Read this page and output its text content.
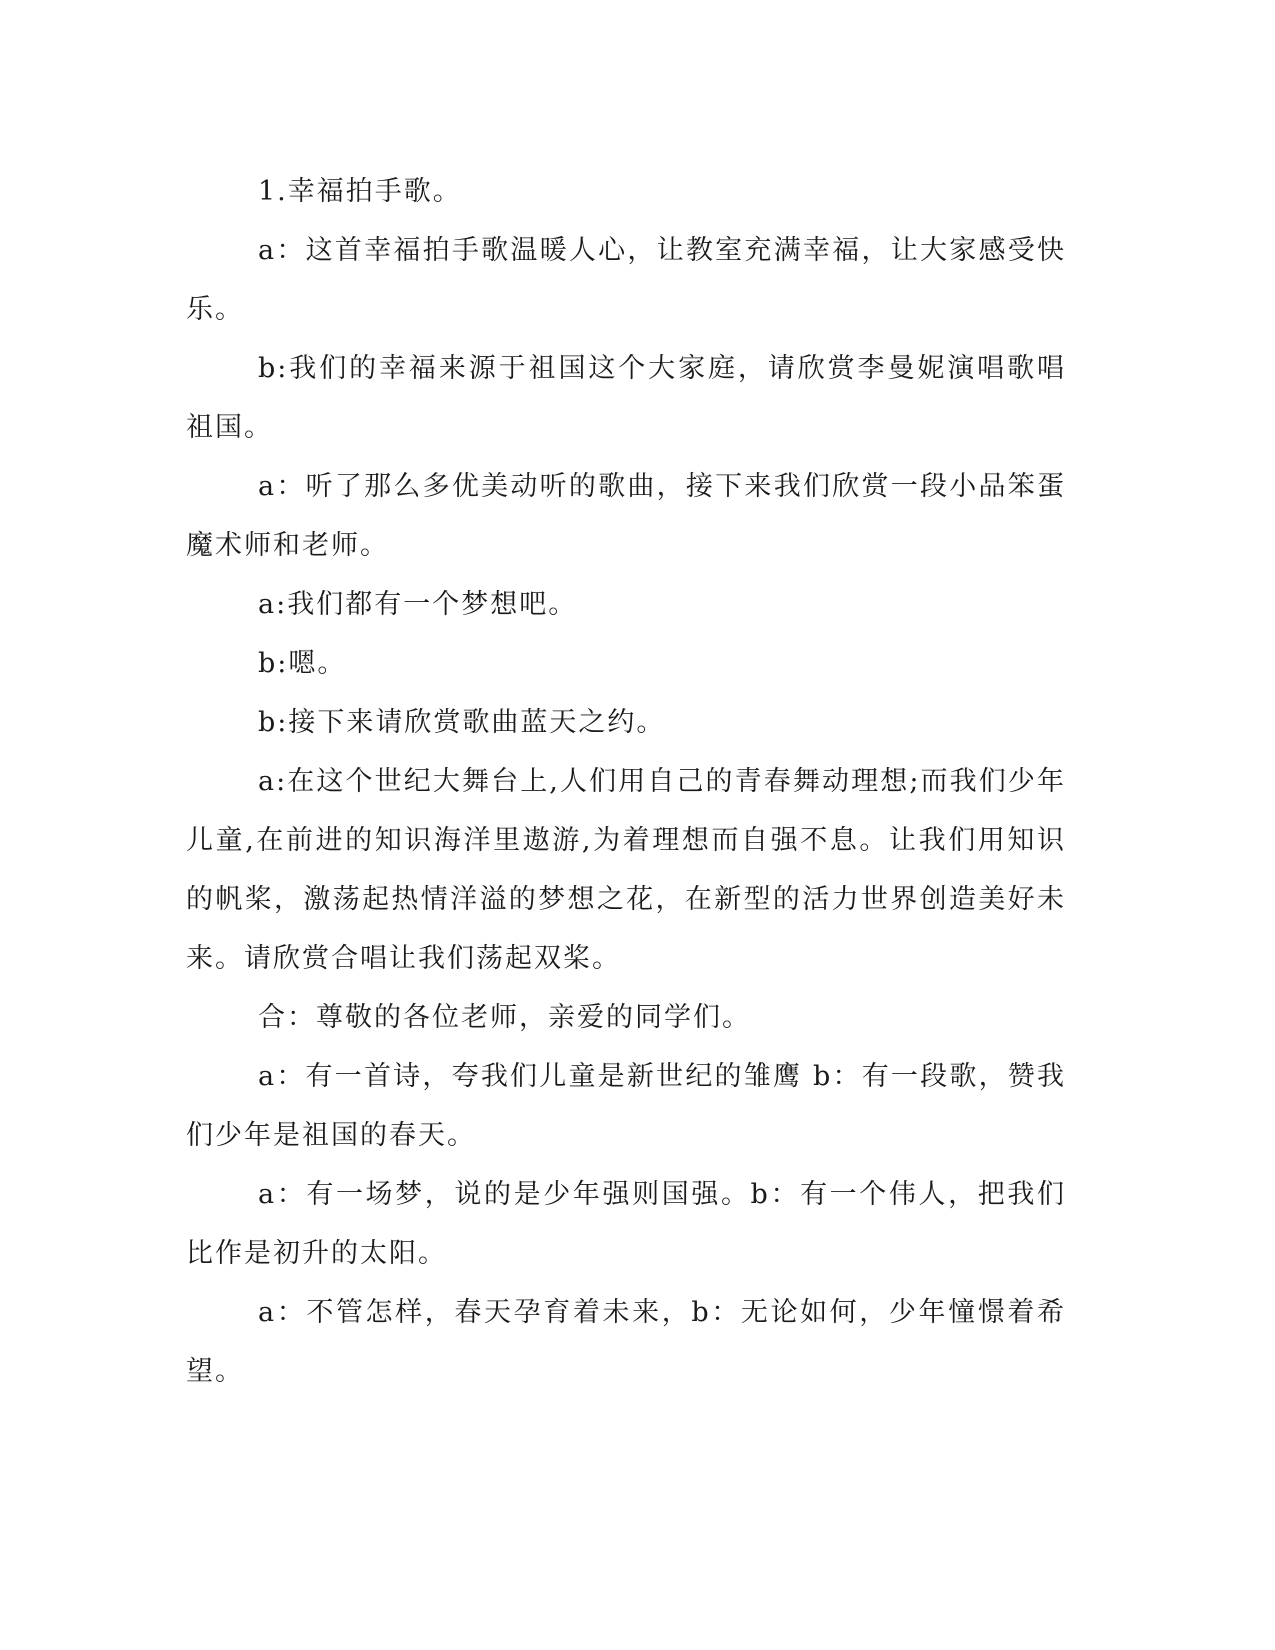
1.幸福拍手歌。

a：这首幸福拍手歌温暖人心，让教室充满幸福，让大家感受快乐。

b:我们的幸福来源于祖国这个大家庭，请欣赏李曼妮演唱歌唱祖国。

a：听了那么多优美动听的歌曲，接下来我们欣赏一段小品笨蛋魔术师和老师。

a:我们都有一个梦想吧。

b:嗯。

b:接下来请欣赏歌曲蓝天之约。

a:在这个世纪大舞台上,人们用自己的青春舞动理想;而我们少年儿童,在前进的知识海洋里遨游,为着理想而自强不息。让我们用知识的帆桨，激荡起热情洋溢的梦想之花，在新型的活力世界创造美好未来。请欣赏合唱让我们荡起双桨。

合：尊敬的各位老师，亲爱的同学们。

a：有一首诗，夸我们儿童是新世纪的雏鹰 b：有一段歌，赞我们少年是祖国的春天。

a：有一场梦，说的是少年强则国强。b：有一个伟人，把我们比作是初升的太阳。

a：不管怎样，春天孕育着未来，b：无论如何，少年憧憬着希望。
